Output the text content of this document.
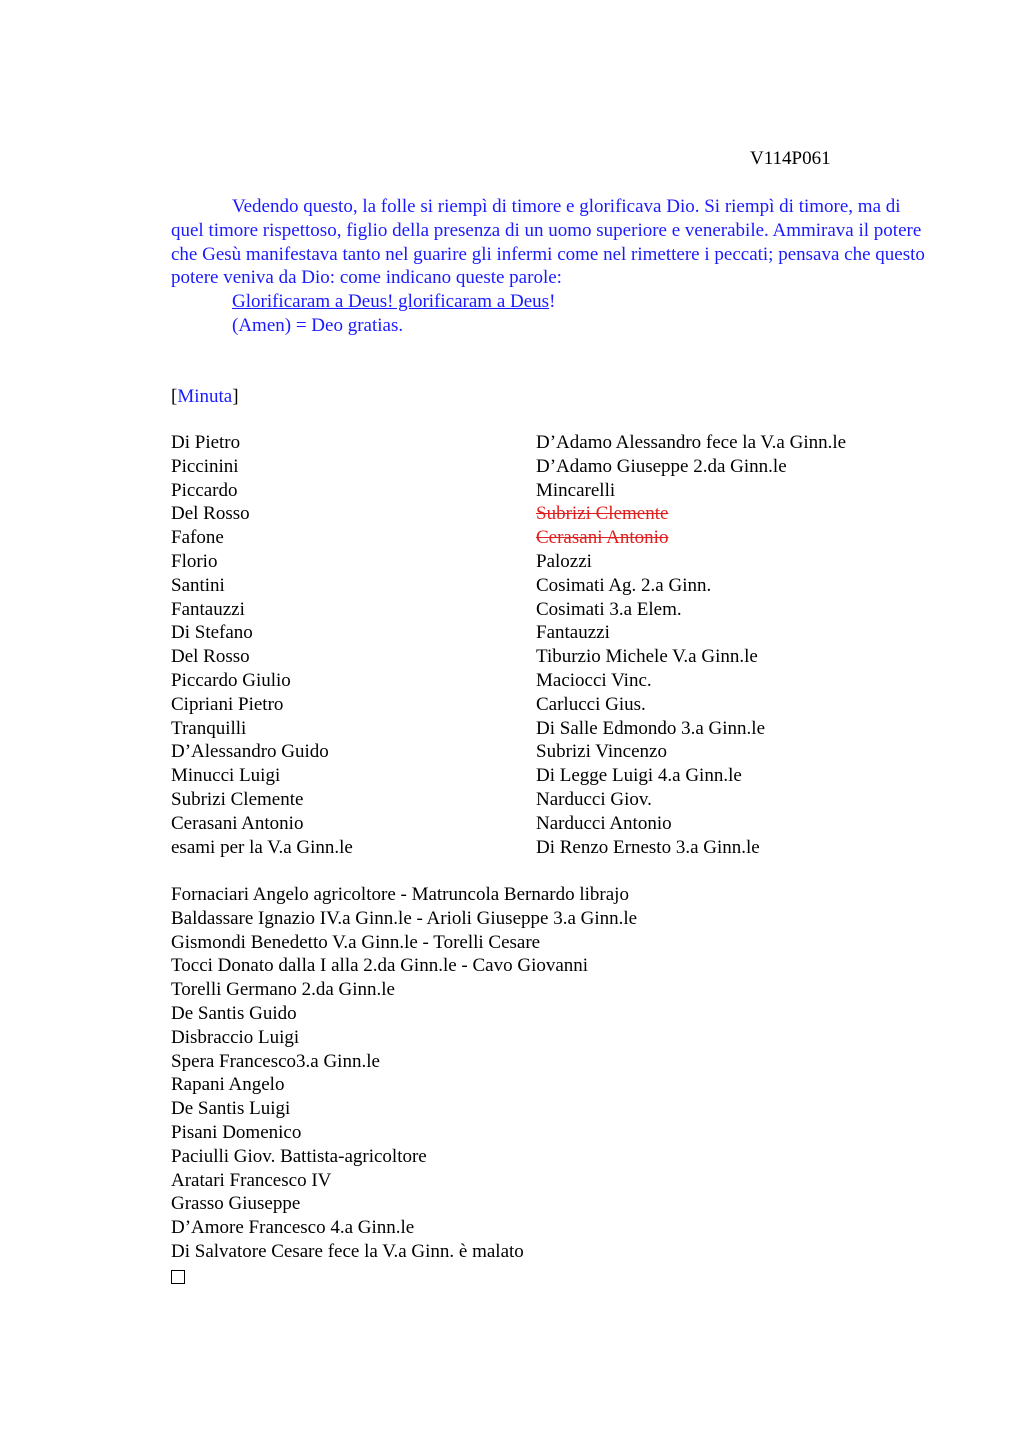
V114P061
Vedendo questo, la folle si riempì di timore e glorificava Dio. Si riempì di timore, ma di quel timore rispettoso, figlio della presenza di un uomo superiore e venerabile. Ammirava il potere che Gesù manifestava tanto nel guarire gli infermi come nel rimettere i peccati; pensava che questo potere veniva da Dio: come indicano queste parole:
Glorificaram a Deus! glorificaram a Deus!
(Amen) = Deo gratias.
[Minuta]
Di Pietro
Piccinini
Piccardo
Del Rosso
Fafone
Florio
Santini
Fantauzzi
Di Stefano
Del Rosso
Piccardo Giulio
Cipriani Pietro
Tranquilli
D’Alessandro Guido
Minucci Luigi
Subrizi Clemente
Cerasani Antonio
esami per la V.a Ginn.le
D’Adamo Alessandro fece la V.a Ginn.le
D’Adamo Giuseppe 2.da Ginn.le
Mincarelli
Subrizi Clemente
Cerasani Antonio
Palozzi
Cosimati Ag. 2.a Ginn.
Cosimati 3.a Elem.
Fantauzzi
Tiburzio Michele V.a Ginn.le
Maciocci Vinc.
Carlucci Gius.
Di Salle Edmondo 3.a Ginn.le
Subrizi Vincenzo
Di Legge Luigi 4.a Ginn.le
Narducci Giov.
Narducci Antonio
Di Renzo Ernesto 3.a Ginn.le
Fornaciari Angelo agricoltore - Matruncola Bernardo librajo
Baldassare Ignazio IV.a Ginn.le - Arioli Giuseppe 3.a Ginn.le
Gismondi Benedetto V.a Ginn.le - Torelli Cesare
Tocci Donato dalla I alla 2.da Ginn.le - Cavo Giovanni
Torelli Germano 2.da Ginn.le
De Santis Guido
Disbraccio Luigi
Spera Francesco3.a Ginn.le
Rapani Angelo
De Santis Luigi
Pisani Domenico
Paciulli Giov. Battista-agricoltore
Aratari Francesco IV
Grasso Giuseppe
D’Amore Francesco 4.a Ginn.le
Di Salvatore Cesare fece la V.a Ginn. è malato
